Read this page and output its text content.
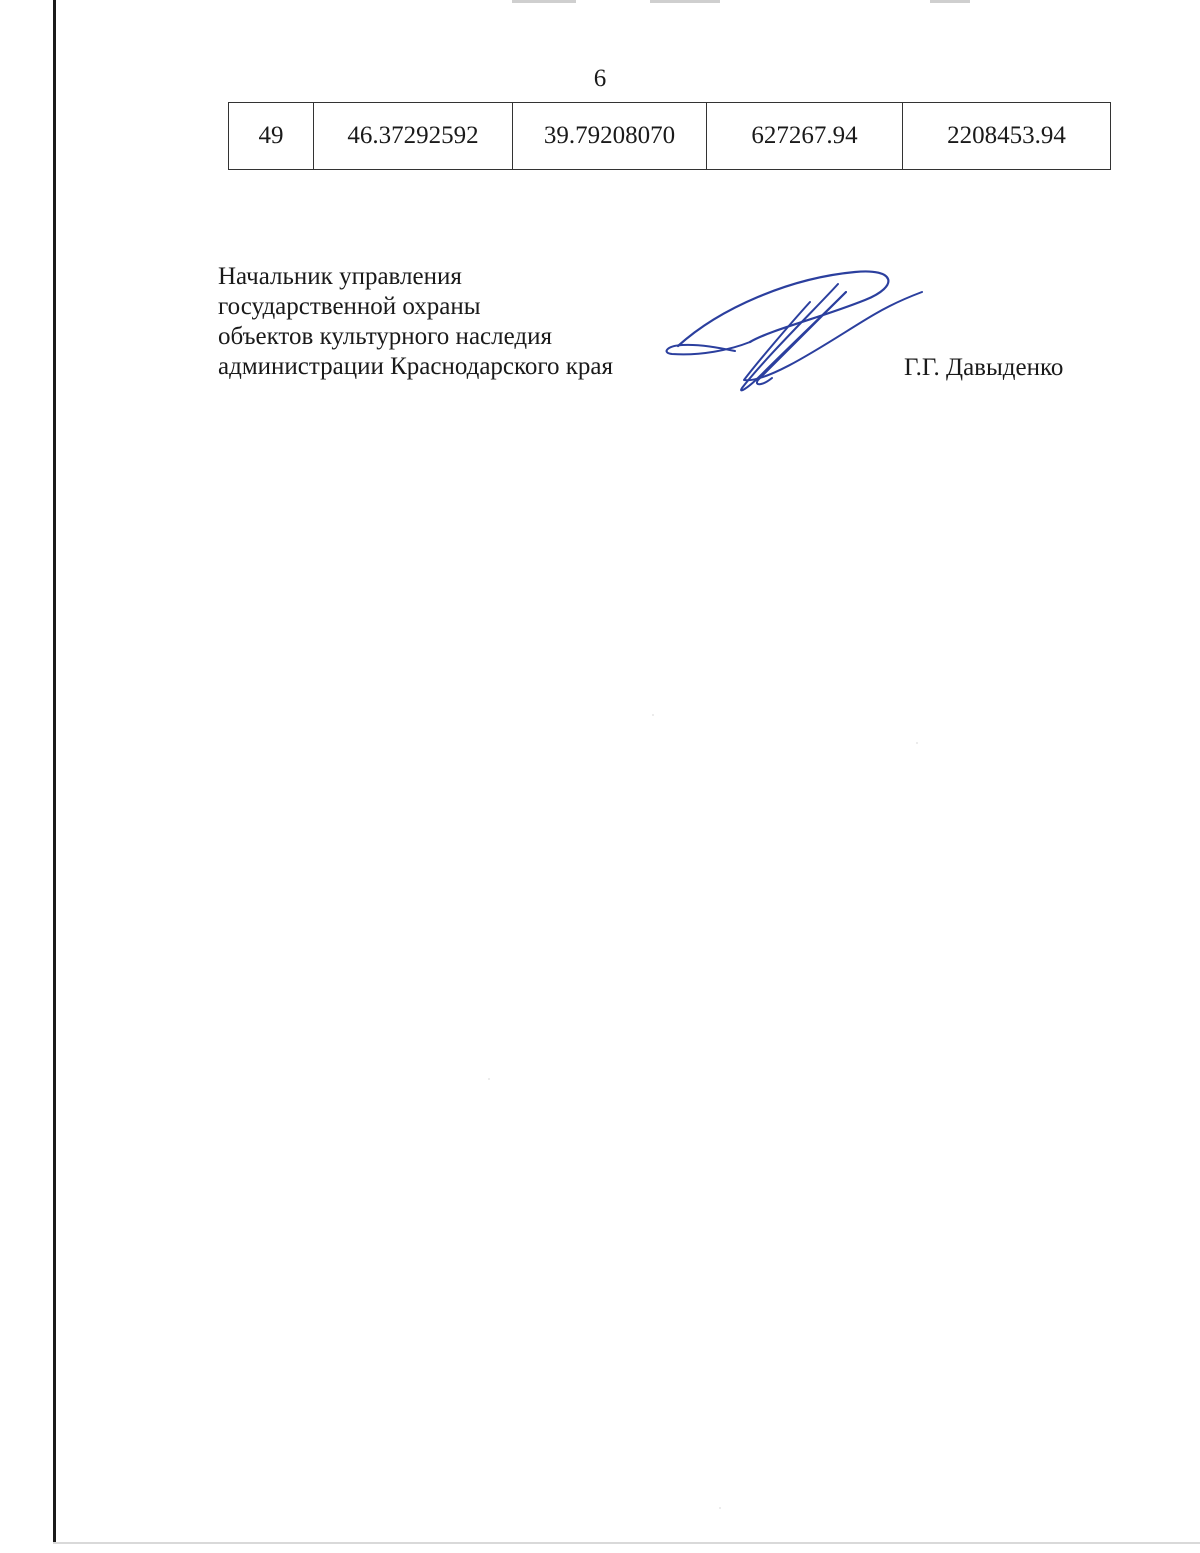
6
49	46.37292592	39.79208070	627267.94	2208453.94
Начальник управления
государственной охраны
объектов культурного наследия
администрации Краснодарского края	Г.Г. Давыденко
